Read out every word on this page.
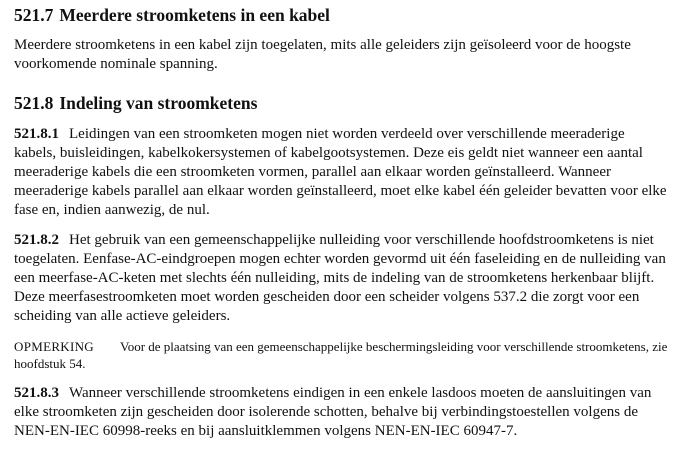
521.7 Meerdere stroomketens in een kabel

Meerdere stroomketens in een kabel zijn toegelaten, mits alle geleiders zijn geïsoleerd voor de hoogste voorkomende nominale spanning.

521.8 Indeling van stroomketens

521.8.1 Leidingen van een stroomketen mogen niet worden verdeeld over verschillende meeraderige kabels, buisleidingen, kabelkokersystemen of kabelgootsystemen. Deze eis geldt niet wanneer een aantal meeraderige kabels die een stroomketen vormen, parallel aan elkaar worden geïnstalleerd. Wanneer meeraderige kabels parallel aan elkaar worden geïnstalleerd, moet elke kabel één geleider bevatten voor elke fase en, indien aanwezig, de nul.

521.8.2 Het gebruik van een gemeenschappelijke nulleiding voor verschillende hoofdstroomketens is niet toegelaten. Eenfase-AC-eindgroepen mogen echter worden gevormd uit één faseleiding en de nulleiding van een meerfase-AC-keten met slechts één nulleiding, mits de indeling van de stroomketens herkenbaar blijft. Deze meerfasestroomketen moet worden gescheiden door een scheider volgens 537.2 die zorgt voor een scheiding van alle actieve geleiders.

OPMERKING Voor de plaatsing van een gemeenschappelijke beschermingsleiding voor verschillende stroomketens, zie hoofdstuk 54.

521.8.3 Wanneer verschillende stroomketens eindigen in een enkele lasdoos moeten de aansluitingen van elke stroomketen zijn gescheiden door isolerende schotten, behalve bij verbindingstoestellen volgens de NEN-EN-IEC 60998-reeks en bij aansluitklemmen volgens NEN-EN-IEC 60947-7.
